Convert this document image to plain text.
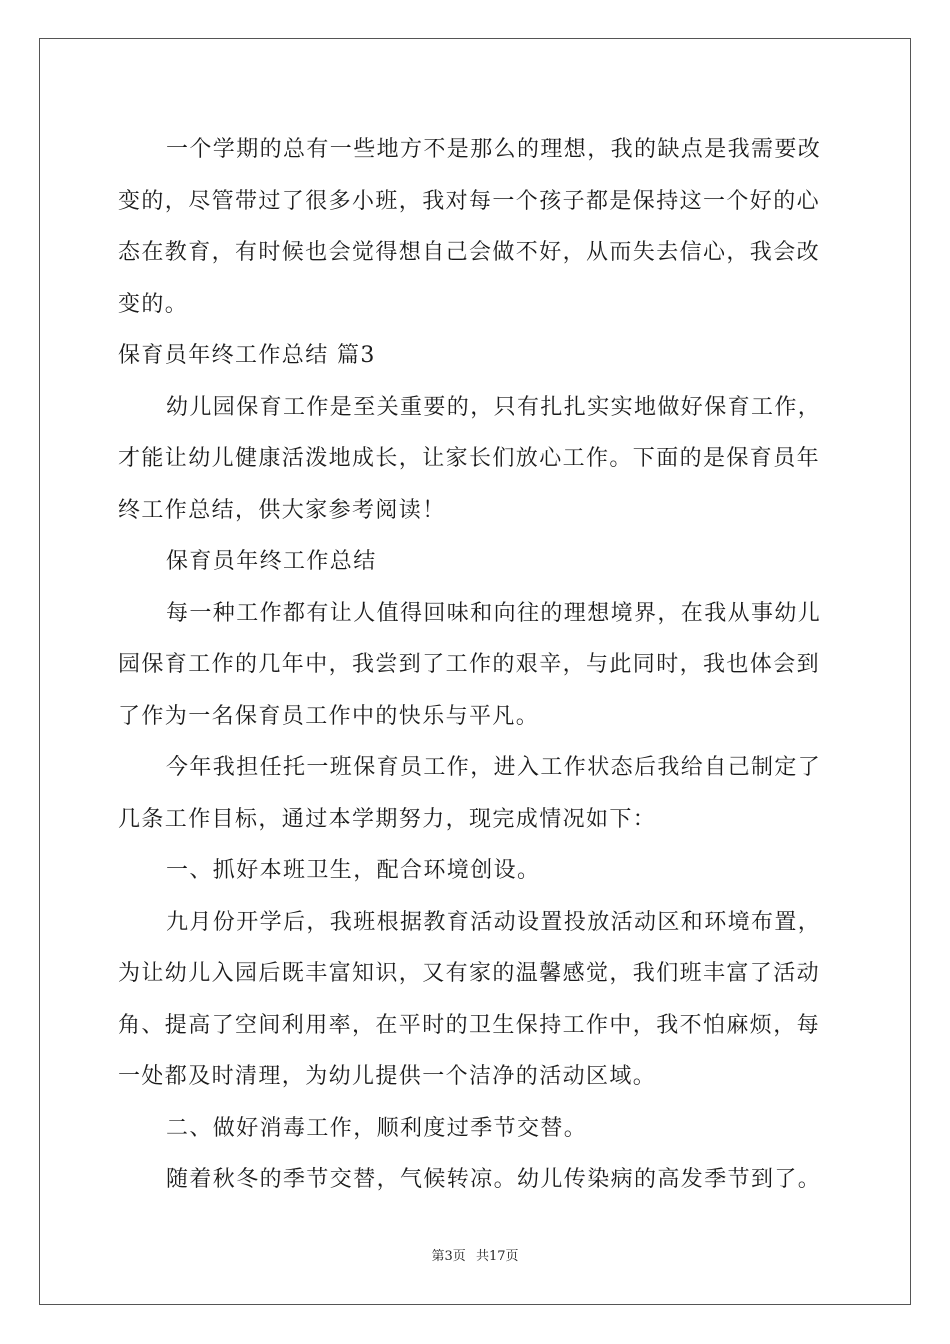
一个学期的总有一些地方不是那么的理想，我的缺点是我需要改
变的，尽管带过了很多小班，我对每一个孩子都是保持这一个好的心
态在教育，有时候也会觉得想自己会做不好，从而失去信心，我会改
变的。
保育员年终工作总结 篇3
幼儿园保育工作是至关重要的，只有扎扎实实地做好保育工作，
才能让幼儿健康活泼地成长，让家长们放心工作。下面的是保育员年
终工作总结，供大家参考阅读！
保育员年终工作总结
每一种工作都有让人值得回味和向往的理想境界，在我从事幼儿
园保育工作的几年中，我尝到了工作的艰辛，与此同时，我也体会到
了作为一名保育员工作中的快乐与平凡。
今年我担任托一班保育员工作，进入工作状态后我给自己制定了
几条工作目标，通过本学期努力，现完成情况如下：
一、抓好本班卫生，配合环境创设。
九月份开学后，我班根据教育活动设置投放活动区和环境布置，
为让幼儿入园后既丰富知识，又有家的温馨感觉，我们班丰富了活动
角、提高了空间利用率，在平时的卫生保持工作中，我不怕麻烦，每
一处都及时清理，为幼儿提供一个洁净的活动区域。
二、做好消毒工作，顺利度过季节交替。
随着秋冬的季节交替，气候转凉。幼儿传染病的高发季节到了。
第3页 共17页
